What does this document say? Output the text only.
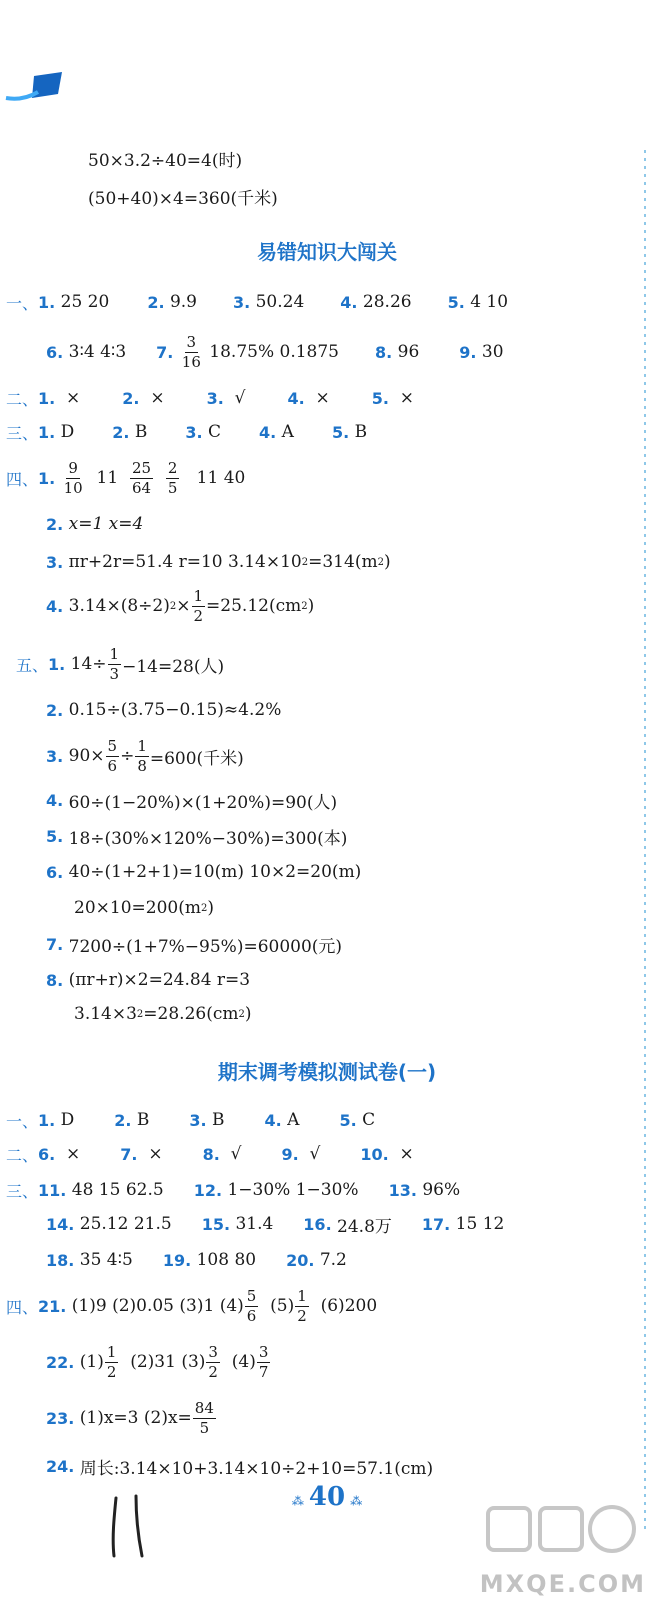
50×3.2÷40=4(时)
(50+40)×4=360(千米)
易错知识大闯关
一、 1.
25 20 2.
9.9 3.
50.24 4.
28.26 5.
4 10
6.
3∶4 4∶3 7.
$\frac{3}{16}$
18.75% 0.1875 8.
96	9.
30
二、 1.
×	2.
×	3.
√	4.
×	5.
×
三、 1.
D 2.
B 3.
C 4.
A 5.
B
四、 1.
$\frac{9}{10}$
11
$\frac{25}{64}$
$\frac{2}{5}$
11 40
2.
x=1 x=4
3.
πr+2r=51.4 r=10 3.14×10 2 =314(m 2 )
4.
3.14×(8÷2) $2 \times \frac{1}{2} =25.12(cm$ 2 )
五、 1.
$14\div \frac{1}{3} -14=28$(人)
2.
0.15÷(3.75−0.15)≈4.2%
3.
$90\times \frac{5}{6} \div \frac{1}{8} =600$(千米)
4.
60÷(1−20%)×(1+20%)=90(人)
5.
18÷(30%×120%−30%)=300(本)
6.
40÷(1+2+1)=10(m) 10×2=20(m)
20×10=200(m 2 )
7.
7200÷(1+7%−95%)=60000(元)
8.
(πr+r)×2=24.84 r=3
3.14×3 2 =28.26(cm 2 )
期末调考模拟测试卷(一)
一、 1.
D	2.
B	3.
B	4.
A	5.
C
二、 6.
×	7.
×	8.
√	9.
√	10.
×
三、 11.
48 15 62.5 12.
1−30% 1−30% 13.
96%
14.
25.12 21.5 15.
31.4 16.
24.8万 17.
15 12
18.
35 4∶5 19.
108 80 20.
7.2
四、 21.
(1)9 (2)0.05 (3)1 $(4) \frac{5}{6}$
$(5) \frac{1}{2}$
(6)200
22.
$(1) \frac{1}{2}$
(2)31 $(3) \frac{3}{2}$
$(4) \frac{3}{7}$
23.
(1)x=3 $(2)x= \frac{84}{5}$
24.
周长:3.14×10+3.14×10÷2+10=57.1(cm)
⁂ 40 ⁂
MXQE.COM
